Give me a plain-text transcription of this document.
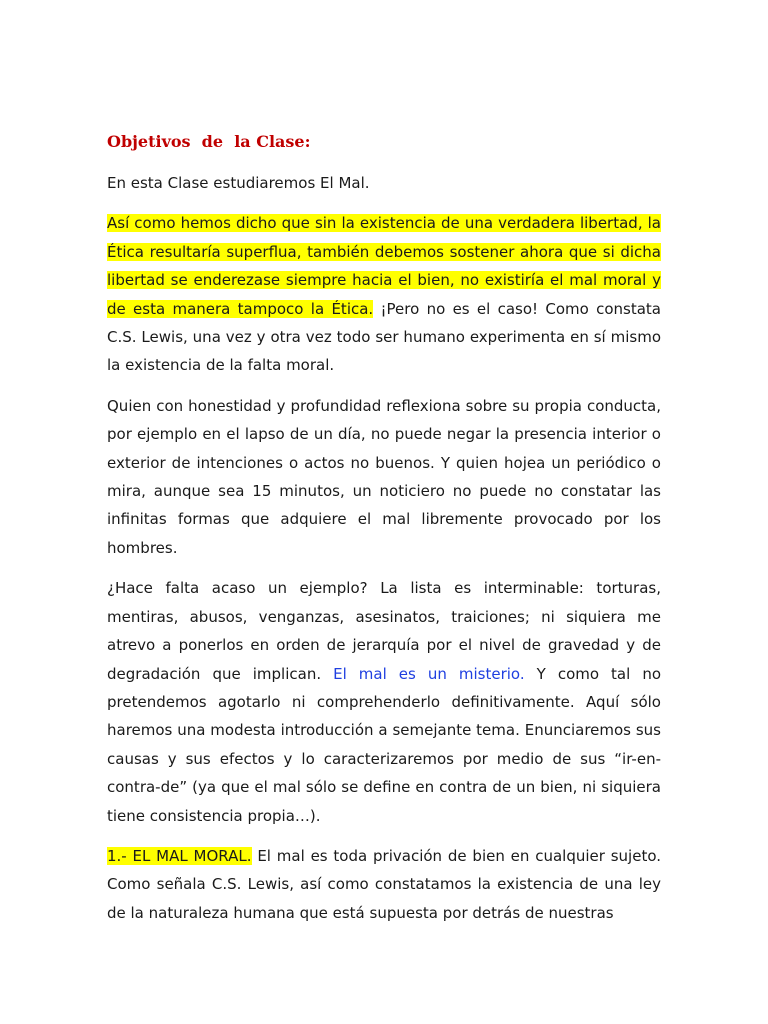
Objetivos  de  la Clase:

En esta Clase estudiaremos El Mal.

Así como hemos dicho que sin la existencia de una verdadera libertad, la Ética resultaría superflua, también debemos sostener ahora que si dicha libertad se enderezase siempre hacia el bien, no existiría el mal moral y de esta manera tampoco la Ética. ¡Pero no es el caso! Como constata C.S. Lewis, una vez y otra vez todo ser humano experimenta en sí mismo la existencia de la falta moral.

Quien con honestidad y profundidad reflexiona sobre su propia conducta, por ejemplo en el lapso de un día, no puede negar la presencia interior o exterior de intenciones o actos no buenos. Y quien hojea un periódico o mira, aunque sea 15 minutos, un noticiero no puede no constatar las infinitas formas que adquiere el mal libremente provocado por los hombres.

¿Hace falta acaso un ejemplo? La lista es interminable: torturas, mentiras, abusos, venganzas, asesinatos, traiciones; ni siquiera me atrevo a ponerlos en orden de jerarquía por el nivel de gravedad y de degradación que implican. El mal es un misterio. Y como tal no pretendemos agotarlo ni comprehenderlo definitivamente. Aquí sólo haremos una modesta introducción a semejante tema. Enunciaremos sus causas y sus efectos y lo caracterizaremos por medio de sus “ir-en-contra-de” (ya que el mal sólo se define en contra de un bien, ni siquiera tiene consistencia propia…).

1.- EL MAL MORAL. El mal es toda privación de bien en cualquier sujeto. Como señala C.S. Lewis, así como constatamos la existencia de una ley de la naturaleza humana que está supuesta por detrás de nuestras
